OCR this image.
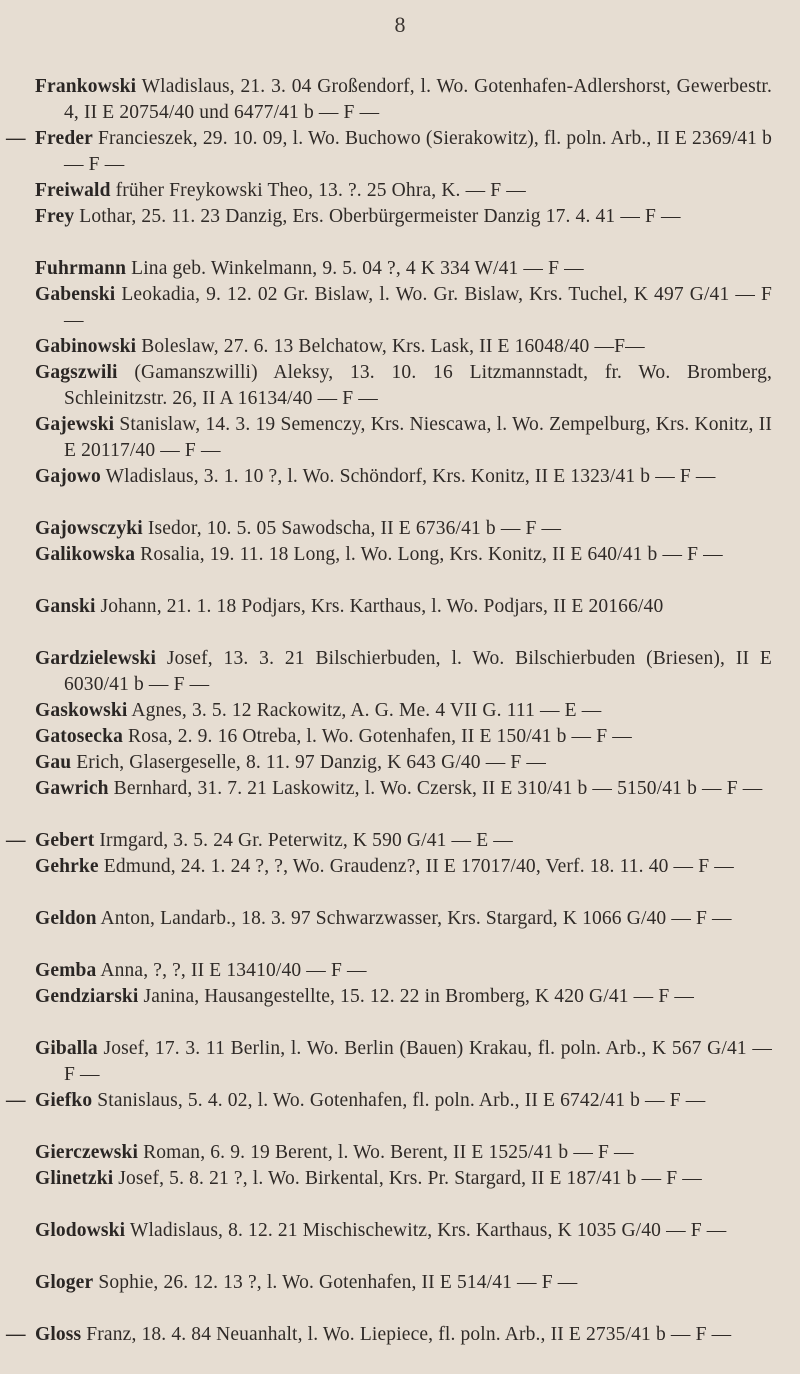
8
Frankowski Wladislaus, 21. 3. 04 Großendorf, l. Wo. Gotenhafen-Adlershorst, Gewerbestr. 4, II E 20754/40 und 6477/41 b — F —
— Freder Francieszek, 29. 10. 09, l. Wo. Buchowo (Sierakowitz), fl. poln. Arb., II E 2369/41 b — F —
Freiwald früher Freykowski Theo, 13. ?. 25 Ohra, K. — F —
Frey Lothar, 25. 11. 23 Danzig, Ers. Oberbürgermeister Danzig 17. 4. 41 — F —
Fuhrmann Lina geb. Winkelmann, 9. 5. 04 ?, 4 K 334 W/41 — F —
Gabenski Leokadia, 9. 12. 02 Gr. Bislaw, l. Wo. Gr. Bislaw, Krs. Tuchel, K 497 G/41 — F —
Gabinowski Boleslaw, 27. 6. 13 Belchatow, Krs. Lask, II E 16048/40 —F—
Gagszwili (Gamanszwilli) Aleksy, 13. 10. 16 Litzmannstadt, fr. Wo. Bromberg, Schleinitzstr. 26, II A 16134/40 — F —
Gajewski Stanislaw, 14. 3. 19 Semenczy, Krs. Niescawa, l. Wo. Zempelburg, Krs. Konitz, II E 20117/40 — F —
Gajowo Wladislaus, 3. 1. 10 ?, l. Wo. Schöndorf, Krs. Konitz, II E 1323/41 b — F —
Gajowsczyki Isedor, 10. 5. 05 Sawodscha, II E 6736/41 b — F —
Galikowska Rosalia, 19. 11. 18 Long, l. Wo. Long, Krs. Konitz, II E 640/41 b — F —
Ganski Johann, 21. 1. 18 Podjars, Krs. Karthaus, l. Wo. Podjars, II E 20166/40
Gardzielewski Josef, 13. 3. 21 Bilschierbuden, l. Wo. Bilschierbuden (Briesen), II E 6030/41 b — F —
Gaskowski Agnes, 3. 5. 12 Rackowitz, A. G. Me. 4 VII G. 111 — E —
Gatosecka Rosa, 2. 9. 16 Otreba, l. Wo. Gotenhafen, II E 150/41 b — F —
Gau Erich, Glasergeselle, 8. 11. 97 Danzig, K 643 G/40 — F —
Gawrich Bernhard, 31. 7. 21 Laskowitz, l. Wo. Czersk, II E 310/41 b — 5150/41 b — F —
— Gebert Irmgard, 3. 5. 24 Gr. Peterwitz, K 590 G/41 — E —
Gehrke Edmund, 24. 1. 24 ?, ?, Wo. Graudenz?, II E 17017/40, Verf. 18. 11. 40 — F —
Geldon Anton, Landarb., 18. 3. 97 Schwarzwasser, Krs. Stargard, K 1066 G/40 — F —
Gemba Anna, ?, ?, II E 13410/40 — F —
Gendziarski Janina, Hausangestellte, 15. 12. 22 in Bromberg, K 420 G/41 — F —
Giballa Josef, 17. 3. 11 Berlin, l. Wo. Berlin (Bauen) Krakau, fl. poln. Arb., K 567 G/41 — F —
— Giefko Stanislaus, 5. 4. 02, l. Wo. Gotenhafen, fl. poln. Arb., II E 6742/41 b — F —
Gierczewski Roman, 6. 9. 19 Berent, l. Wo. Berent, II E 1525/41 b — F —
Glinetzki Josef, 5. 8. 21 ?, l. Wo. Birkental, Krs. Pr. Stargard, II E 187/41 b — F —
Glodowski Wladislaus, 8. 12. 21 Mischischewitz, Krs. Karthaus, K 1035 G/40 — F —
Gloger Sophie, 26. 12. 13 ?, l. Wo. Gotenhafen, II E 514/41 — F —
— Gloss Franz, 18. 4. 84 Neuanhalt, l. Wo. Liepiece, fl. poln. Arb., II E 2735/41 b — F —
